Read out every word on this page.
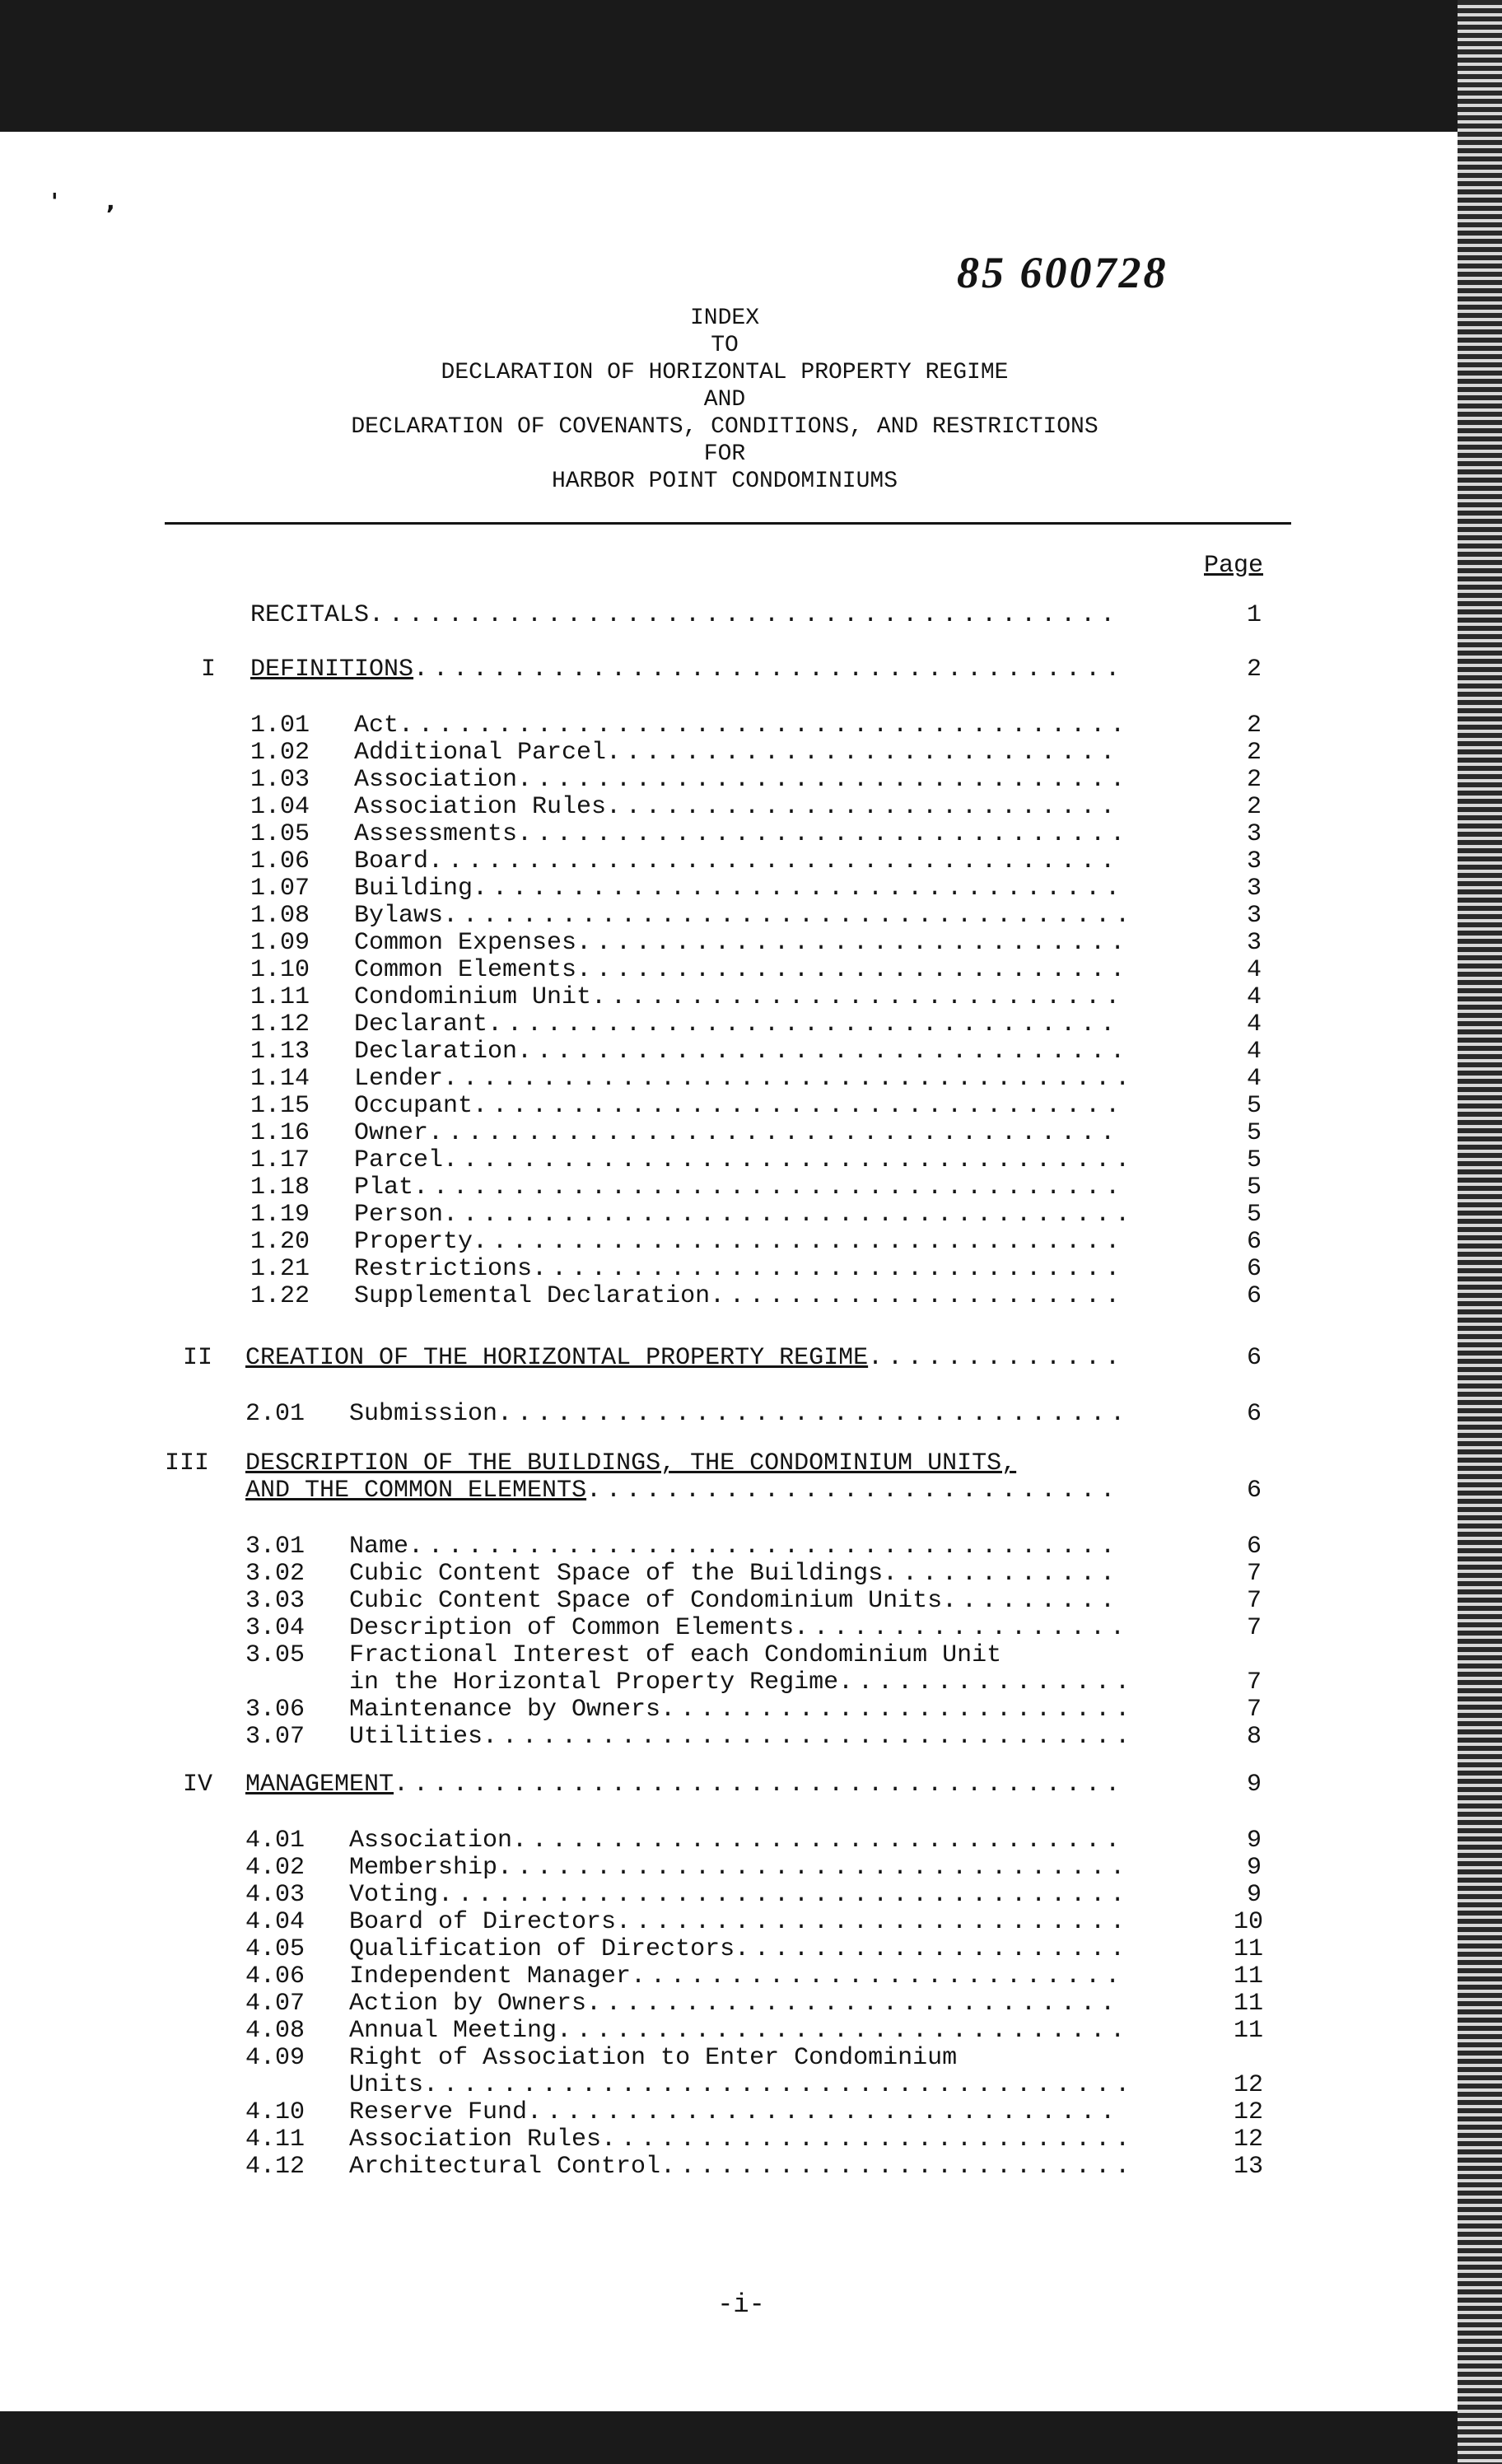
'      ,
85 600728
INDEX
TO
DECLARATION OF HORIZONTAL PROPERTY REGIME
AND
DECLARATION OF COVENANTS, CONDITIONS, AND RESTRICTIONS
FOR
HARBOR POINT CONDOMINIUMS
Page
RECITALS ......................................	1
I DEFINITIONS ....................................	2
1.01 Act .....................................	2
1.02 Additional Parcel ..........................	2
1.03 Association ...............................	2
1.04 Association Rules ..........................	2
1.05 Assessments ...............................	3
1.06 Board ...................................	3
1.07 Building .................................	3
1.08 Bylaws ...................................	3
1.09 Common Expenses ............................	3
1.10 Common Elements ............................	4
1.11 Condominium Unit ...........................	4
1.12 Declarant ................................	4
1.13 Declaration ...............................	4
1.14 Lender ...................................	4
1.15 Occupant .................................	5
1.16 Owner ...................................	5
1.17 Parcel ...................................	5
1.18 Plat ....................................	5
1.19 Person ...................................	5
1.20 Property .................................	6
1.21 Restrictions ..............................	6
1.22 Supplemental Declaration .....................	6
II CREATION OF THE HORIZONTAL PROPERTY REGIME .............	6
2.01 Submission ................................	6
III DESCRIPTION OF THE BUILDINGS, THE CONDOMINIUM UNITS,
AND THE COMMON ELEMENTS ...........................	6
3.01 Name ....................................	6
3.02 Cubic Content Space of the Buildings ............	7
3.03 Cubic Content Space of Condominium Units .........	7
3.04 Description of Common Elements .................	7
3.05 Fractional Interest of each Condominium Unit
in the Horizontal Property Regime ...............	7
3.06 Maintenance by Owners ........................	7
3.07 Utilities .................................	8
IV MANAGEMENT .....................................	9
4.01 Association ...............................	9
4.02 Membership ................................	9
4.03 Voting ...................................	9
4.04 Board of Directors ..........................	10
4.05 Qualification of Directors ....................	11
4.06 Independent Manager .........................	11
4.07 Action by Owners ...........................	11
4.08 Annual Meeting .............................	11
4.09 Right of Association to Enter Condominium
Units ....................................	12
4.10 Reserve Fund ..............................	12
4.11 Association Rules ...........................	12
4.12 Architectural Control ........................	13
-i-
